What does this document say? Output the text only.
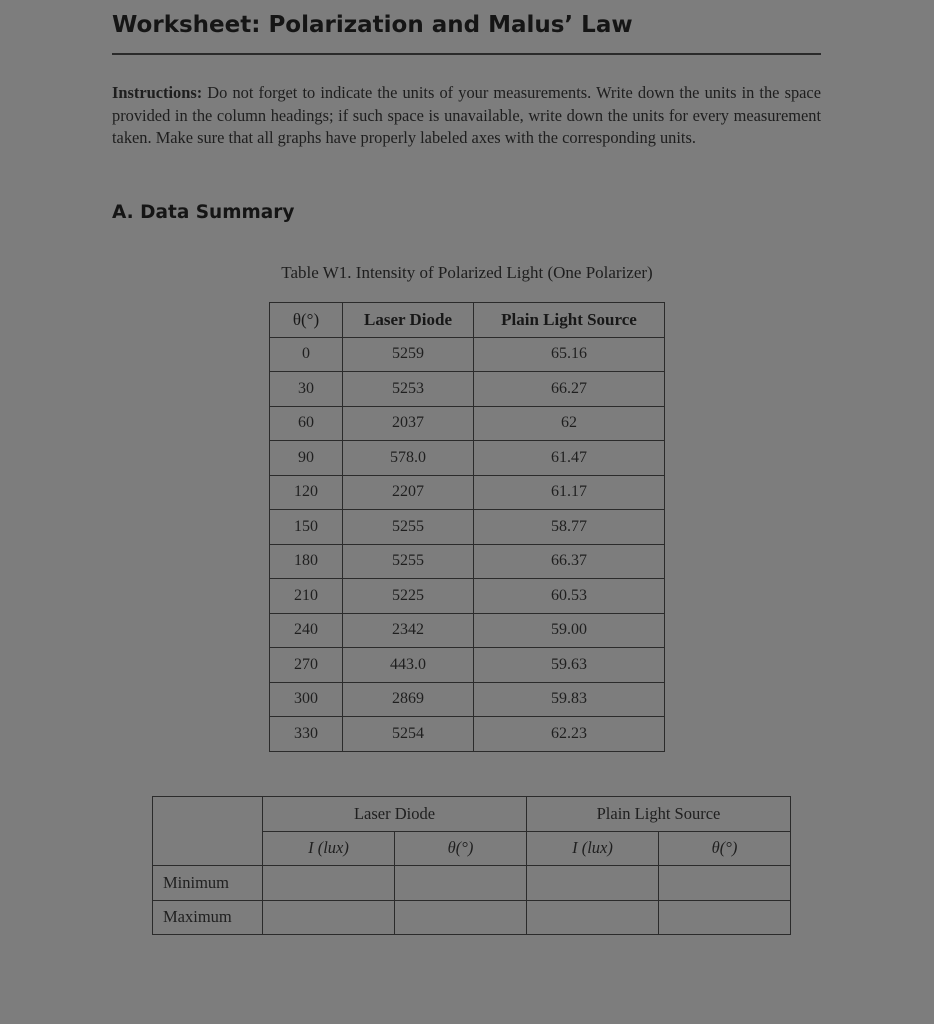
Worksheet: Polarization and Malus’ Law

Instructions: Do not forget to indicate the units of your measurements. Write down the units in the space provided in the column headings; if such space is unavailable, write down the units for every measurement taken. Make sure that all graphs have properly labeled axes with the corresponding units.

A. Data Summary

Table W1. Intensity of Polarized Light (One Polarizer)

θ(°)	Laser Diode	Plain Light Source
0	5259	65.16
30	5253	66.27
60	2037	62
90	578.0	61.47
120	2207	61.17
150	5255	58.77
180	5255	66.37
210	5225	60.53
240	2342	59.00
270	443.0	59.63
300	2869	59.83
330	5254	62.23
	Laser Diode		Plain Light Source	
	I (lux)	θ(°)	I (lux)	θ(°)
Minimum				
Maximum				
